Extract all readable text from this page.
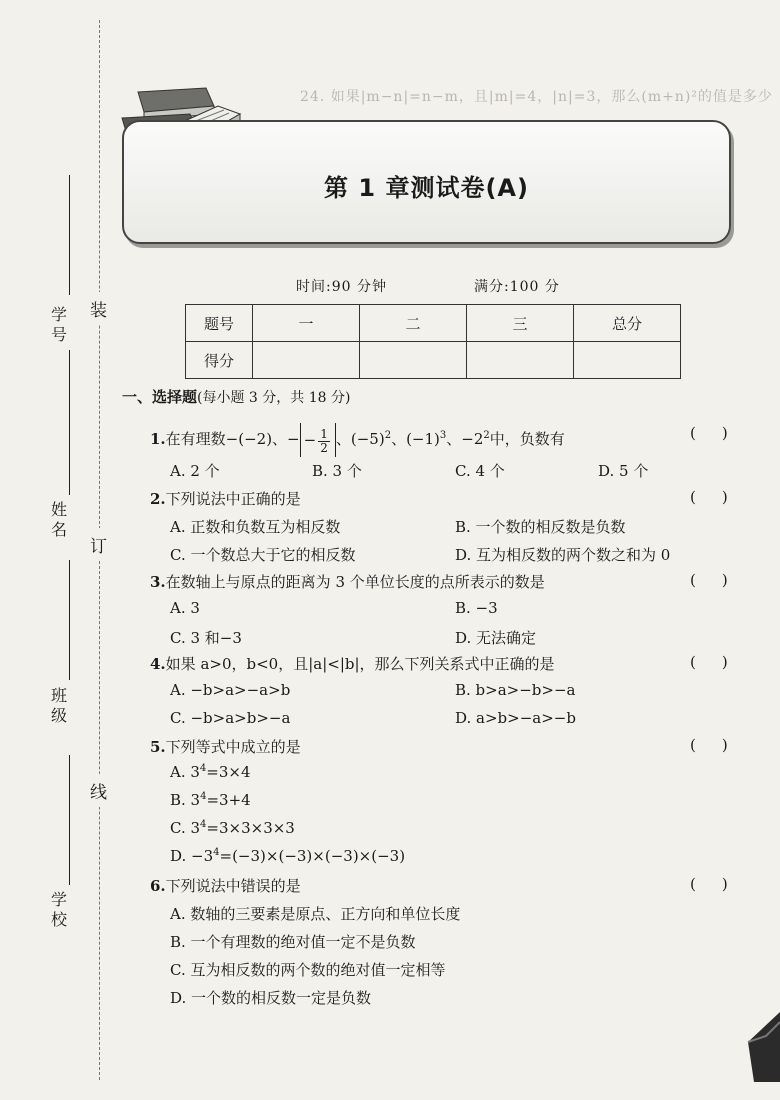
装
订
线
学号
姓名
班级
学校
24. 如果|m−n|=n−m，且|m|=4，|n|=3，那么(m+n)²的值是多少
第 1 章测试卷(A)
时间:90 分钟	满分:100 分
题号	一	二	三	总分
得分				
一、选择题(每小题 3 分，共 18 分)
1.在有理数−(−2)、− − $\frac{1}{2}$ 、$(-5)^2$、$(-1)^3$、$-2^2$中，负数有	()
A. 2 个	B. 3 个	C. 4 个	D. 5 个
2.下列说法中正确的是	()
A. 正数和负数互为相反数	B. 一个数的相反数是负数
C. 一个数总大于它的相反数	D. 互为相反数的两个数之和为 0
3.在数轴上与原点的距离为 3 个单位长度的点所表示的数是	()
A. 3	B. −3
C. 3 和−3	D. 无法确定
4.如果 a>0，b<0，且|a|<|b|，那么下列关系式中正确的是	()
A. −b>a>−a>b	B. b>a>−b>−a
C. −b>a>b>−a	D. a>b>−a>−b
5.下列等式中成立的是	()
A. $3^4=3\times 4$
B. $3^4=3+4$
C. $3^4=3\times 3\times 3\times 3$
D. $-3^4=(-3)\times(-3)\times(-3)\times(-3)$
6.下列说法中错误的是	()
A. 数轴的三要素是原点、正方向和单位长度
B. 一个有理数的绝对值一定不是负数
C. 互为相反数的两个数的绝对值一定相等
D. 一个数的相反数一定是负数
